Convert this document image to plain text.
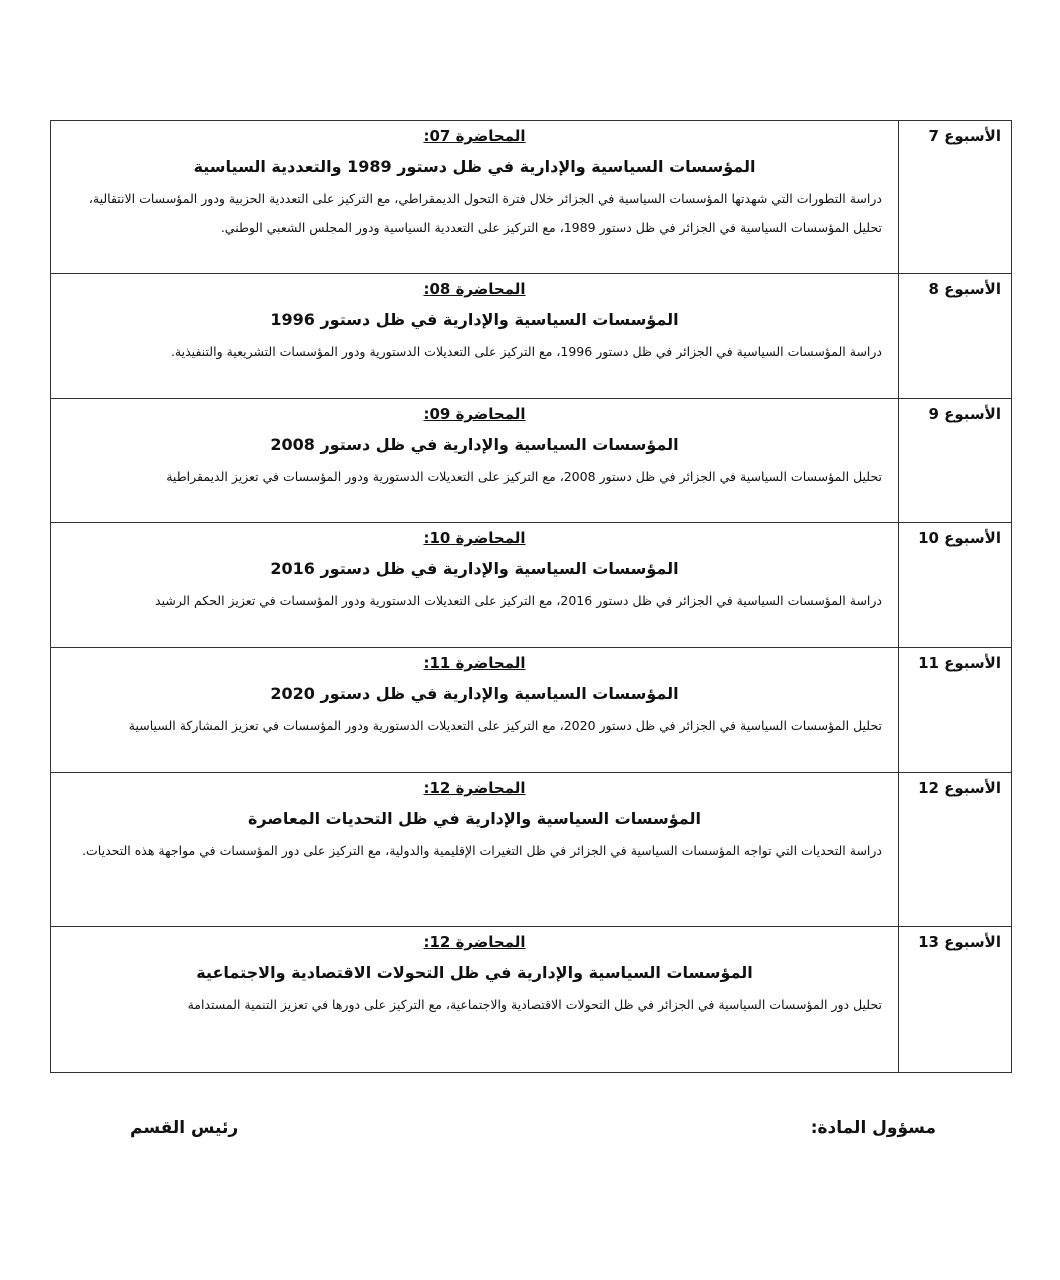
الأسبوع 7	المحاضرة 07:
المؤسسات السياسية والإدارية في ظل دستور 1989 والتعددية السياسية
دراسة التطورات التي شهدتها المؤسسات السياسية في الجزائر خلال فترة التحول الديمقراطي، مع التركيز على التعددية الحزبية ودور المؤسسات الانتقالية، تحليل المؤسسات السياسية في الجزائر في ظل دستور 1989، مع التركيز على التعددية السياسية ودور المجلس الشعبي الوطني.

الأسبوع 8	المحاضرة 08:
المؤسسات السياسية والإدارية في ظل دستور 1996
دراسة المؤسسات السياسية في الجزائر في ظل دستور 1996، مع التركيز على التعديلات الدستورية ودور المؤسسات التشريعية والتنفيذية.

الأسبوع 9	المحاضرة 09:
المؤسسات السياسية والإدارية في ظل دستور 2008
تحليل المؤسسات السياسية في الجزائر في ظل دستور 2008، مع التركيز على التعديلات الدستورية ودور المؤسسات في تعزيز الديمقراطية

الأسبوع 10	المحاضرة 10:
المؤسسات السياسية والإدارية في ظل دستور 2016
دراسة المؤسسات السياسية في الجزائر في ظل دستور 2016، مع التركيز على التعديلات الدستورية ودور المؤسسات في تعزيز الحكم الرشيد

الأسبوع 11	المحاضرة 11:
المؤسسات السياسية والإدارية في ظل دستور 2020
تحليل المؤسسات السياسية في الجزائر في ظل دستور 2020، مع التركيز على التعديلات الدستورية ودور المؤسسات في تعزيز المشاركة السياسية

الأسبوع 12	المحاضرة 12:
المؤسسات السياسية والإدارية في ظل التحديات المعاصرة
دراسة التحديات التي تواجه المؤسسات السياسية في الجزائر في ظل التغيرات الإقليمية والدولية، مع التركيز على دور المؤسسات في مواجهة هذه التحديات.

الأسبوع 13	المحاضرة 12:
المؤسسات السياسية والإدارية في ظل التحولات الاقتصادية والاجتماعية
تحليل دور المؤسسات السياسية في الجزائر في ظل التحولات الاقتصادية والاجتماعية، مع التركيز على دورها في تعزيز التنمية المستدامة
مسؤول المادة:
رئيس القسم
